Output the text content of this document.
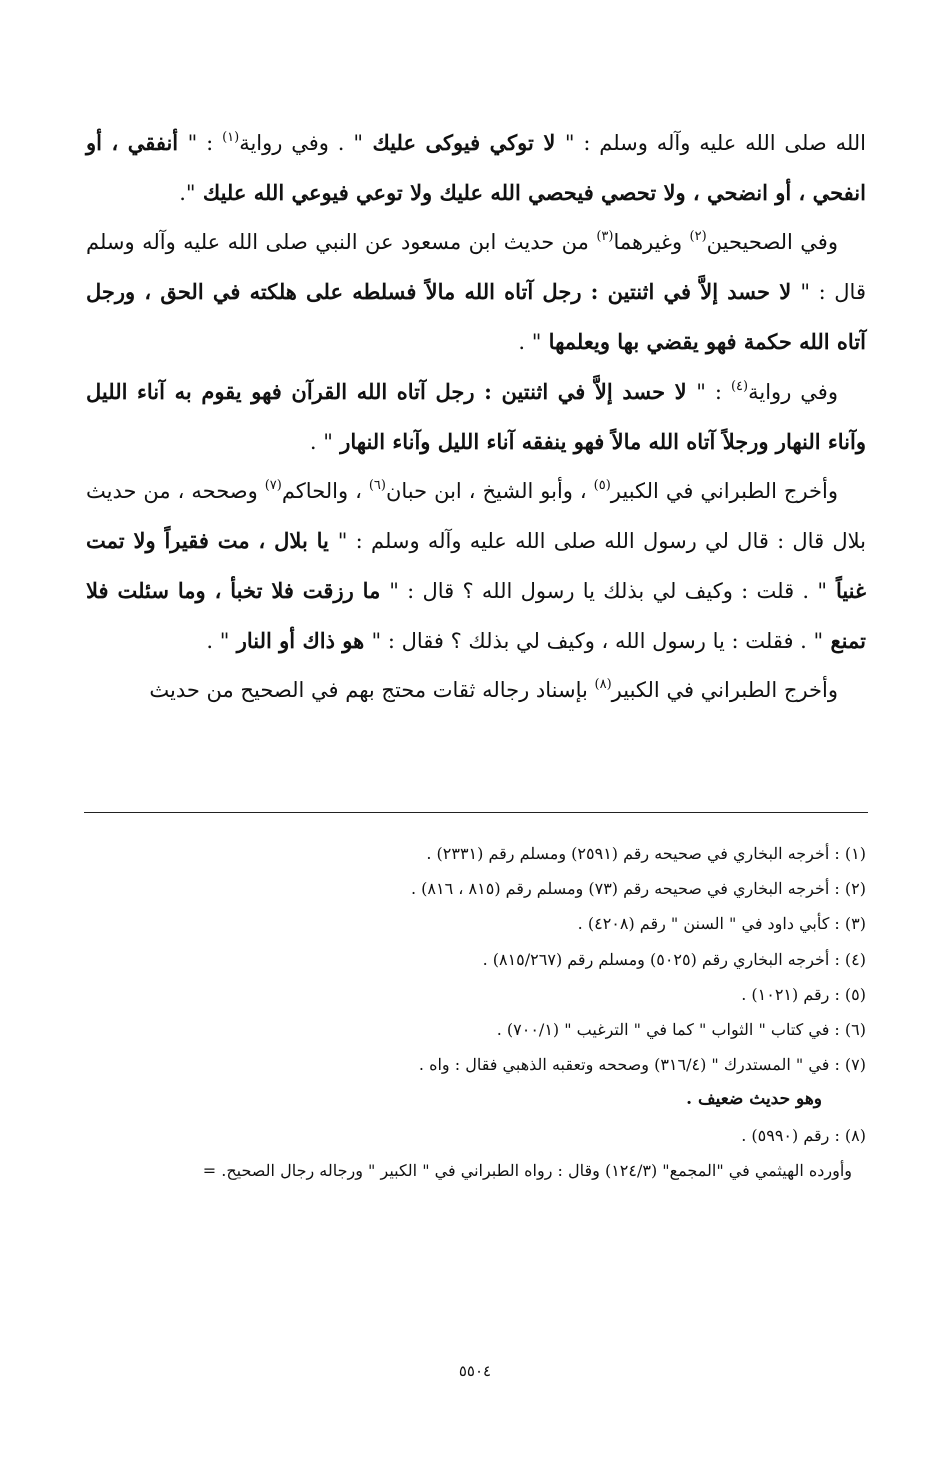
الله صلى الله عليه وآله وسلم : " لا توكي فيوكى عليك " . وفي رواية$^{(١)}$ : " أنفقي ، أو انفحي ، أو انضحي ، ولا تحصي فيحصي الله عليك ولا توعي فيوعي الله عليك ".

وفي الصحيحين$^{(٢)}$ وغيرهما$^{(٣)}$ من حديث ابن مسعود عن النبي صلى الله عليه وآله وسلم قال : " لا حسد إلاَّ في اثنتين : رجل آتاه الله مالاً فسلطه على هلكته في الحق ، ورجل آتاه الله حكمة فهو يقضي بها ويعلمها " .

وفي رواية$^{(٤)}$ : " لا حسد إلاَّ في اثنتين : رجل آتاه الله القرآن فهو يقوم به آناء الليل وآناء النهار ورجلاً آتاه الله مالاً فهو ينفقه آناء الليل وآناء النهار " .

وأخرج الطبراني في الكبير$^{(٥)}$ ، وأبو الشيخ ، ابن حبان$^{(٦)}$ ، والحاكم$^{(٧)}$ وصححه ، من حديث بلال قال : قال لي رسول الله صلى الله عليه وآله وسلم : " يا بلال ، مت فقيراً ولا تمت غنياً " . قلت : وكيف لي بذلك يا رسول الله ؟ قال : " ما رزقت فلا تخبأ ، وما سئلت فلا تمنع " . فقلت : يا رسول الله ، وكيف لي بذلك ؟ فقال : " هو ذاك أو النار " .

وأخرج الطبراني في الكبير$^{(٨)}$ بإسناد رجاله ثقات محتج بهم في الصحيح من حديث

(١) : أخرجه البخاري في صحيحه رقم (٢٥٩١) ومسلم رقم (٢٣٣١) .
(٢) : أخرجه البخاري في صحيحه رقم (٧٣) ومسلم رقم (٨١٥ ، ٨١٦) .
(٣) : كأبي داود في " السنن " رقم (٤٢٠٨) .
(٤) : أخرجه البخاري رقم (٥٠٢٥) ومسلم رقم (٨١٥/٢٦٧) .
(٥) : رقم (١٠٢١) .
(٦) : في كتاب " الثواب " كما في " الترغيب " (٧٠٠/١) .
(٧) : في " المستدرك " (٣١٦/٤) وصححه وتعقبه الذهبي فقال : واه .
وهو حديث ضعيف .
(٨) : رقم (٥٩٩٠) .
وأورده الهيثمي في "المجمع" (١٢٤/٣) وقال : رواه الطبراني في " الكبير " ورجاله رجال الصحيح. =
٥٥٠٤
